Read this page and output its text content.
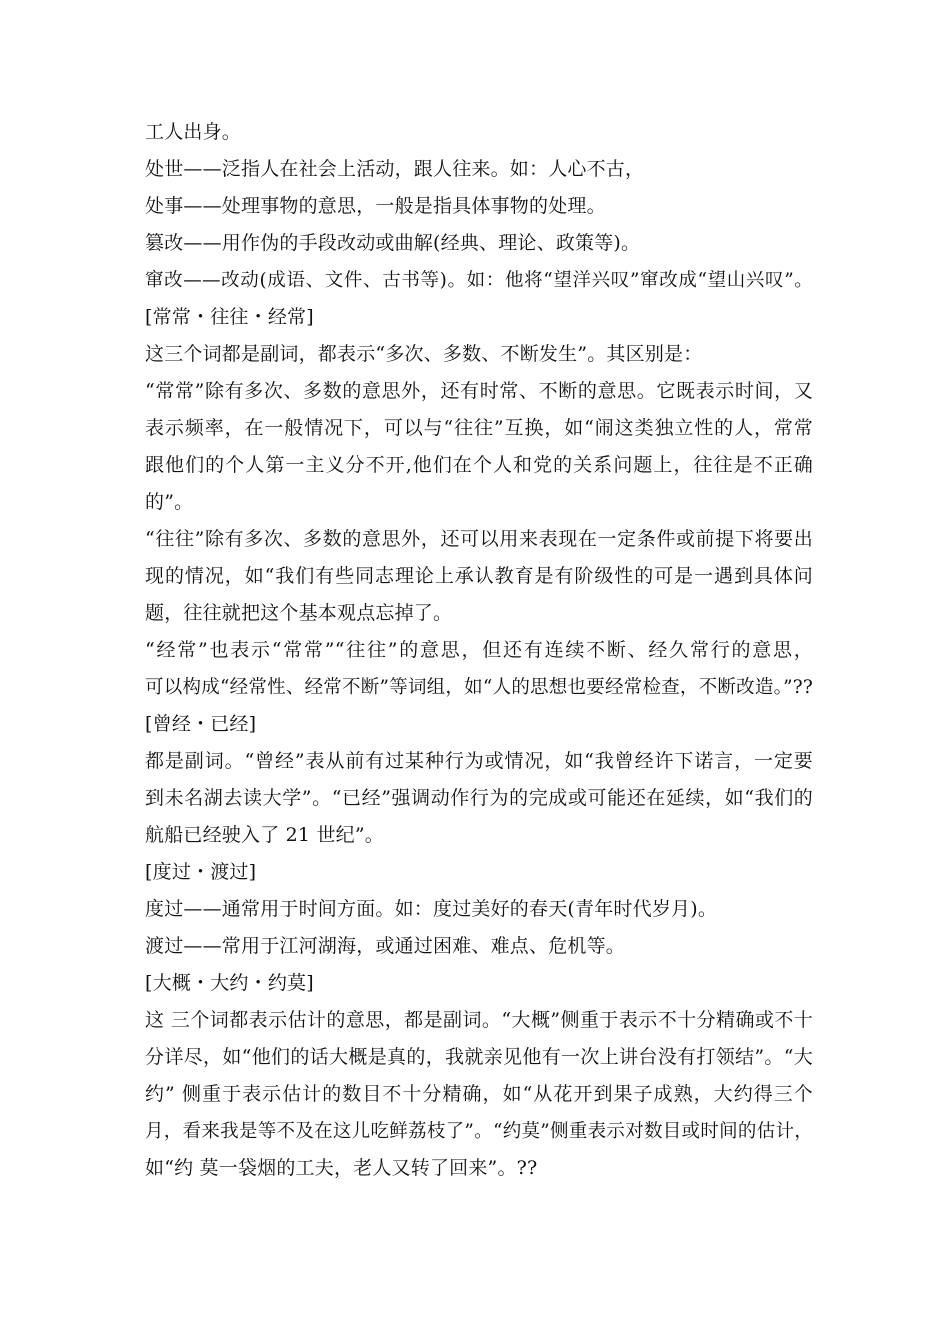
工人出身。

处世——泛指人在社会上活动，跟人往来。如：人心不古，

处事——处理事物的意思，一般是指具体事物的处理。

篡改——用作伪的手段改动或曲解(经典、理论、政策等)。

窜改——改动(成语、文件、古书等)。如：他将“望洋兴叹”窜改成“望山兴叹”。

[常常・往往・经常]

这三个词都是副词，都表示“多次、多数、不断发生”。其区别是：

“常常”除有多次、多数的意思外，还有时常、不断的意思。它既表示时间，又

表示频率，在一般情况下，可以与“往往”互换，如“闹这类独立性的人，常常

跟他们的个人第一主义分不开,他们在个人和党的关系问题上，往往是不正确

的”。

“往往”除有多次、多数的意思外，还可以用来表现在一定条件或前提下将要出

现的情况，如“我们有些同志理论上承认教育是有阶级性的可是一遇到具体问

题，往往就把这个基本观点忘掉了。

“经常”也表示“常常”“往往”的意思，但还有连续不断、经久常行的意思，

可以构成“经常性、经常不断”等词组，如“人的思想也要经常检查，不断改造。”??

[曾经・已经]

都是副词。“曾经”表从前有过某种行为或情况，如“我曾经许下诺言，一定要

到未名湖去读大学”。“已经”强调动作行为的完成或可能还在延续，如“我们的

航船已经驶入了 21 世纪”。

[度过・渡过]

度过——通常用于时间方面。如：度过美好的春天(青年时代岁月)。

渡过——常用于江河湖海，或通过困难、难点、危机等。

[大概・大约・约莫]

这 三个词都表示估计的意思，都是副词。“大概”侧重于表示不十分精确或不十

分详尽，如“他们的话大概是真的，我就亲见他有一次上讲台没有打领结”。“大

约” 侧重于表示估计的数目不十分精确，如“从花开到果子成熟，大约得三个

月，看来我是等不及在这儿吃鲜荔枝了”。“约莫”侧重表示对数目或时间的估计，

如“约 莫一袋烟的工夫，老人又转了回来”。??
